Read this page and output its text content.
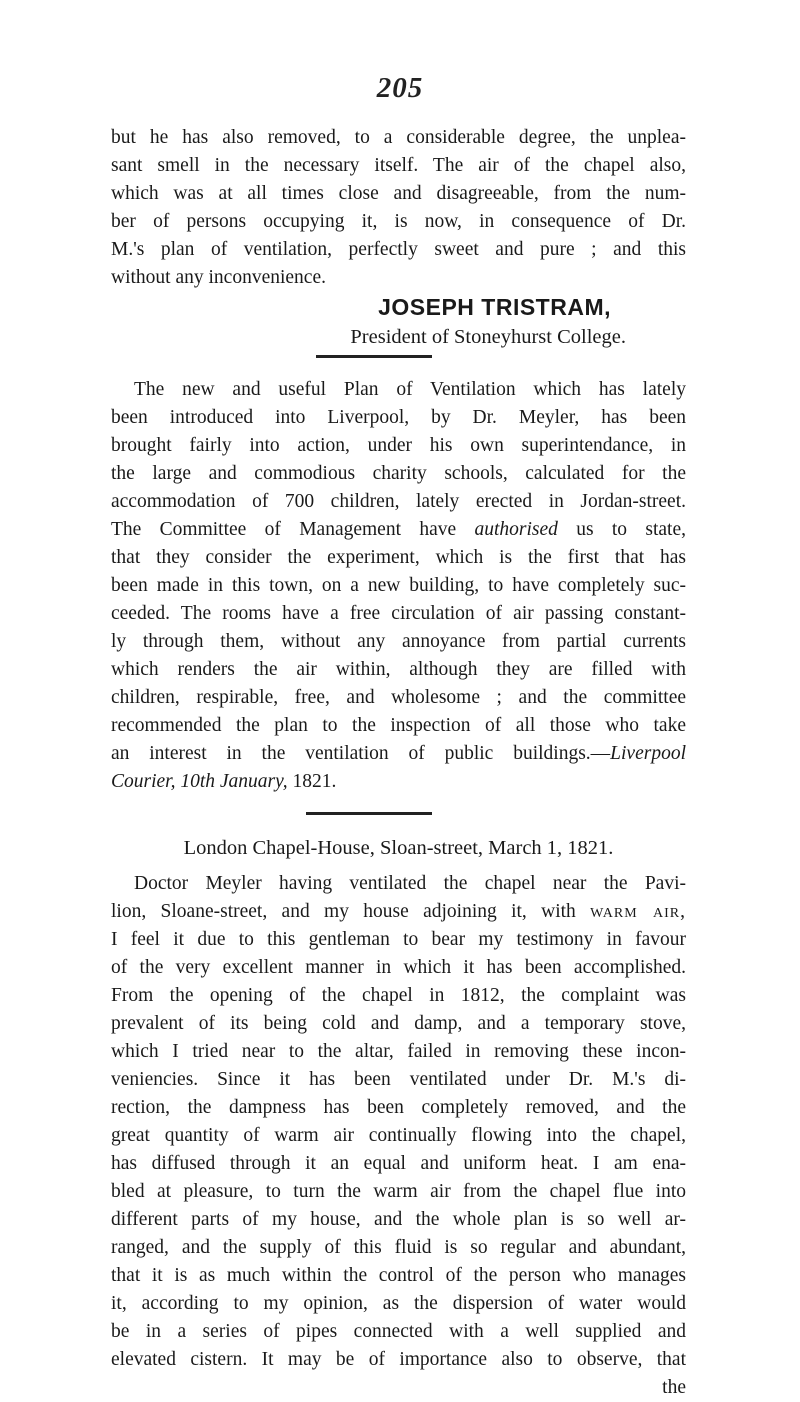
205
but he has also removed, to a considerable degree, the unplea-
sant smell in the necessary itself. The air of the chapel also,
which was at all times close and disagreeable, from the num-
ber of persons occupying it, is now, in consequence of Dr.
M.'s plan of ventilation, perfectly sweet and pure ; and this
without any inconvenience.
JOSEPH TRISTRAM,
President of Stoneyhurst College.
The new and useful Plan of Ventilation which has lately
been introduced into Liverpool, by Dr. Meyler, has been
brought fairly into action, under his own superintendance, in
the large and commodious charity schools, calculated for the
accommodation of 700 children, lately erected in Jordan-street.
The Committee of Management have authorised us to state,
that they consider the experiment, which is the first that has
been made in this town, on a new building, to have completely suc-
ceeded. The rooms have a free circulation of air passing constant-
ly through them, without any annoyance from partial currents
which renders the air within, although they are filled with
children, respirable, free, and wholesome ; and the committee
recommended the plan to the inspection of all those who take
an interest in the ventilation of public buildings.—Liverpool
Courier, 10th January, 1821.
London Chapel-House, Sloan-street, March 1, 1821.
Doctor Meyler having ventilated the chapel near the Pavi-
lion, Sloane-street, and my house adjoining it, with warm air,
I feel it due to this gentleman to bear my testimony in favour
of the very excellent manner in which it has been accomplished.
From the opening of the chapel in 1812, the complaint was
prevalent of its being cold and damp, and a temporary stove,
which I tried near to the altar, failed in removing these incon-
veniencies. Since it has been ventilated under Dr. M.'s di-
rection, the dampness has been completely removed, and the
great quantity of warm air continually flowing into the chapel,
has diffused through it an equal and uniform heat. I am ena-
bled at pleasure, to turn the warm air from the chapel flue into
different parts of my house, and the whole plan is so well ar-
ranged, and the supply of this fluid is so regular and abundant,
that it is as much within the control of the person who manages
it, according to my opinion, as the dispersion of water would
be in a series of pipes connected with a well supplied and
elevated cistern. It may be of importance also to observe, that
the
